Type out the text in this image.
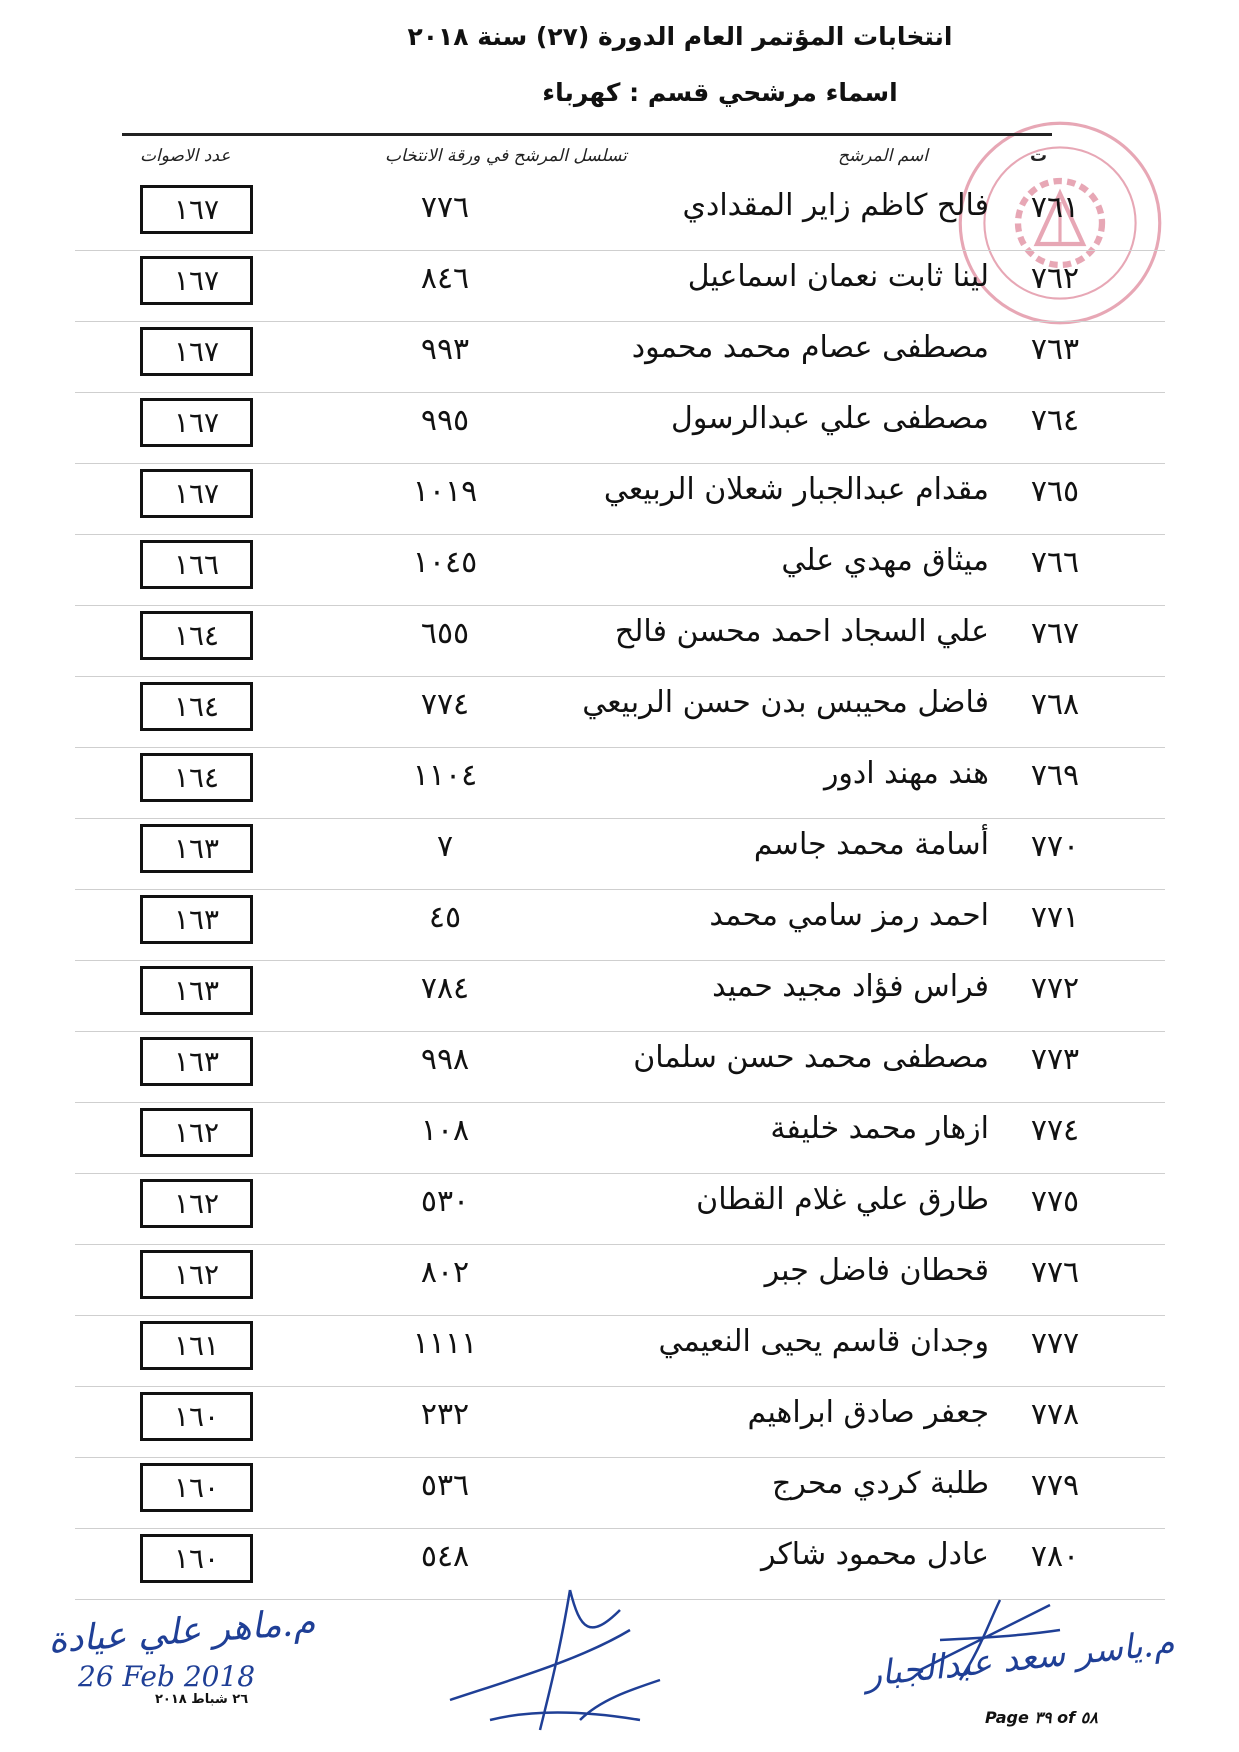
انتخابات المؤتمر العام الدورة (٢٧) سنة ٢٠١٨
اسماء مرشحي قسم : كهرباء
ت
اسم المرشح
تسلسل المرشح في ورقة الانتخاب
عدد الاصوات
٧٦١
فالح كاظم زاير المقدادي
٧٧٦
١٦٧
٧٦٢
لينا ثابت نعمان اسماعيل
٨٤٦
١٦٧
٧٦٣
مصطفى عصام محمد محمود
٩٩٣
١٦٧
٧٦٤
مصطفى علي عبدالرسول
٩٩٥
١٦٧
٧٦٥
مقدام عبدالجبار شعلان الربيعي
١٠١٩
١٦٧
٧٦٦
ميثاق مهدي علي
١٠٤٥
١٦٦
٧٦٧
علي السجاد احمد محسن فالح
٦٥٥
١٦٤
٧٦٨
فاضل محيبس بدن حسن الربيعي
٧٧٤
١٦٤
٧٦٩
هند مهند ادور
١١٠٤
١٦٤
٧٧٠
أسامة محمد جاسم
٧
١٦٣
٧٧١
احمد رمز سامي محمد
٤٥
١٦٣
٧٧٢
فراس فؤاد مجيد حميد
٧٨٤
١٦٣
٧٧٣
مصطفى محمد حسن سلمان
٩٩٨
١٦٣
٧٧٤
ازهار محمد خليفة
١٠٨
١٦٢
٧٧٥
طارق علي غلام القطان
٥٣٠
١٦٢
٧٧٦
قحطان فاضل جبر
٨٠٢
١٦٢
٧٧٧
وجدان قاسم يحيى النعيمي
١١١١
١٦١
٧٧٨
جعفر صادق ابراهيم
٢٣٢
١٦٠
٧٧٩
طلبة كردي محرج
٥٣٦
١٦٠
٧٨٠
عادل محمود شاكر
٥٤٨
١٦٠
م.ماهر علي عيادة
26 Feb 2018
٢٦ شباط ٢٠١٨
م.ياسر سعد عبدالجبار
Page ٣٩ of ٥٨
